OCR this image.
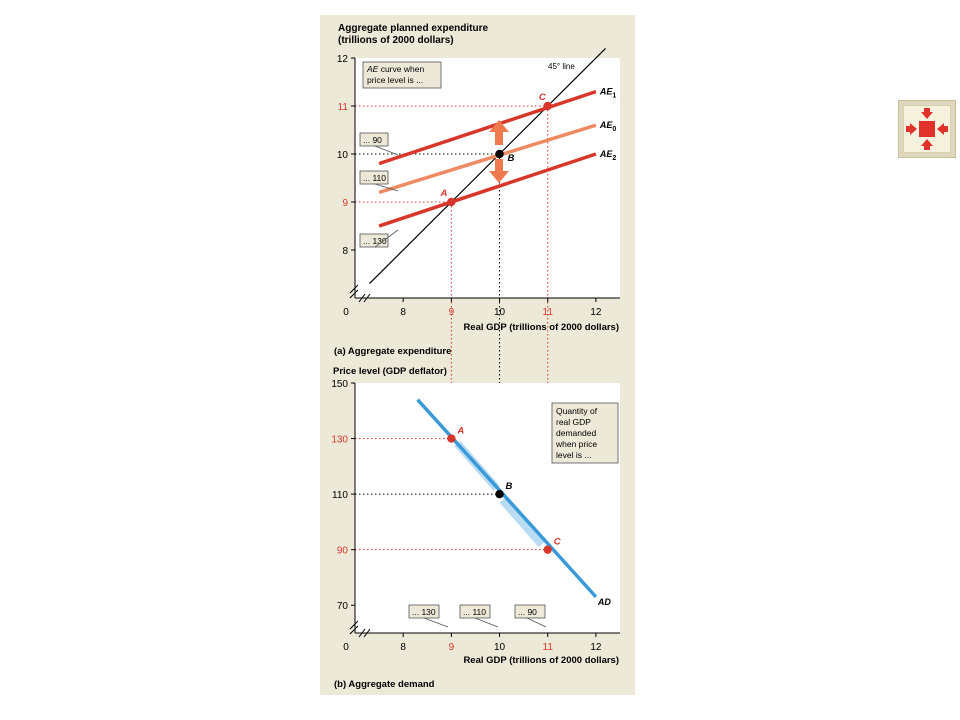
Aggregate planned expenditure
(trillions of 2000 dollars)
8	9	10	11	12
8
9
10
11
12
0
Real GDP (trillions of 2000 dollars)
(a) Aggregate expenditure
$AE_1$
$AE_0$
$AE_2$
A
B
C
AE curve when
price level is ...
... 90
... 110
... 130
45° line
Price level (GDP deflator)
8	9	10	11	12
70
90
110
130
150
0
Real GDP (trillions of 2000 dollars)
(b) Aggregate demand
AD
A
B
C
Quantity of
real GDP
demanded
when price
level is ...
... 130	... 110	... 90
